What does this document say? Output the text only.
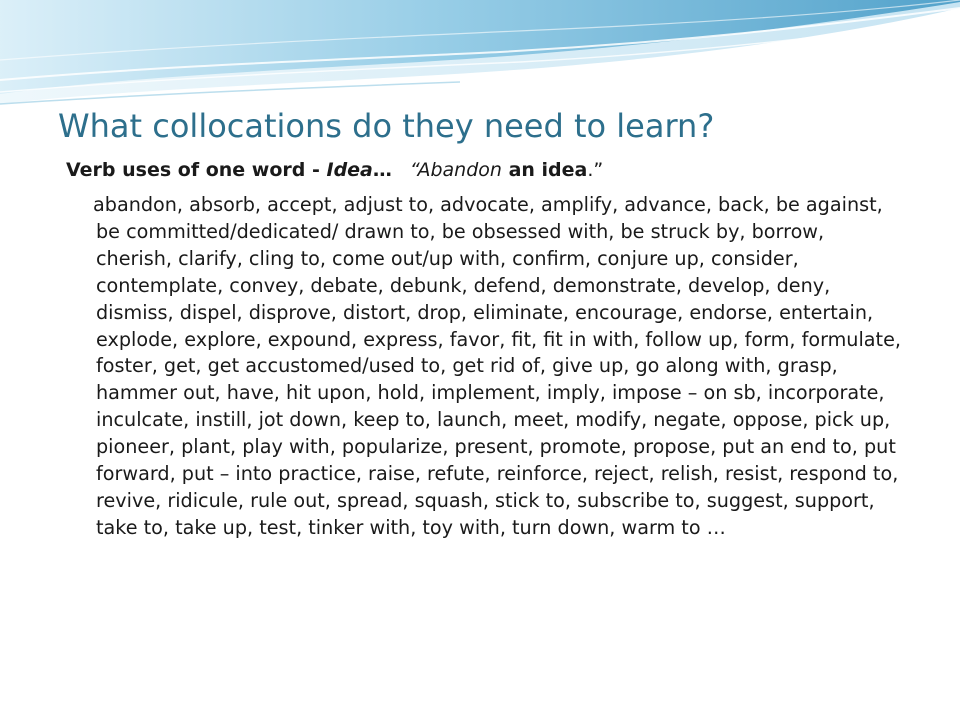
What collocations do they need to learn?

Verb uses of one word - Idea… “Abandon an idea.”

abandon, absorb, accept, adjust to, advocate, amplify, advance, back, be against, be committed/dedicated/ drawn to, be obsessed with, be struck by, borrow, cherish, clarify, cling to, come out/up with, confirm, conjure up, consider, contemplate, convey, debate, debunk, defend, demonstrate, develop, deny, dismiss, dispel, disprove, distort, drop, eliminate, encourage, endorse, entertain, explode, explore, expound, express, favor, fit, fit in with, follow up, form, formulate, foster, get, get accustomed/used to, get rid of, give up, go along with, grasp, hammer out, have, hit upon, hold, implement, imply, impose – on sb, incorporate, inculcate, instill, jot down, keep to, launch, meet, modify, negate, oppose, pick up, pioneer, plant, play with, popularize, present, promote, propose, put an end to, put forward, put – into practice, raise, refute, reinforce, reject, relish, resist, respond to, revive, ridicule, rule out, spread, squash, stick to, subscribe to, suggest, support, take to, take up, test, tinker with, toy with, turn down, warm to …
